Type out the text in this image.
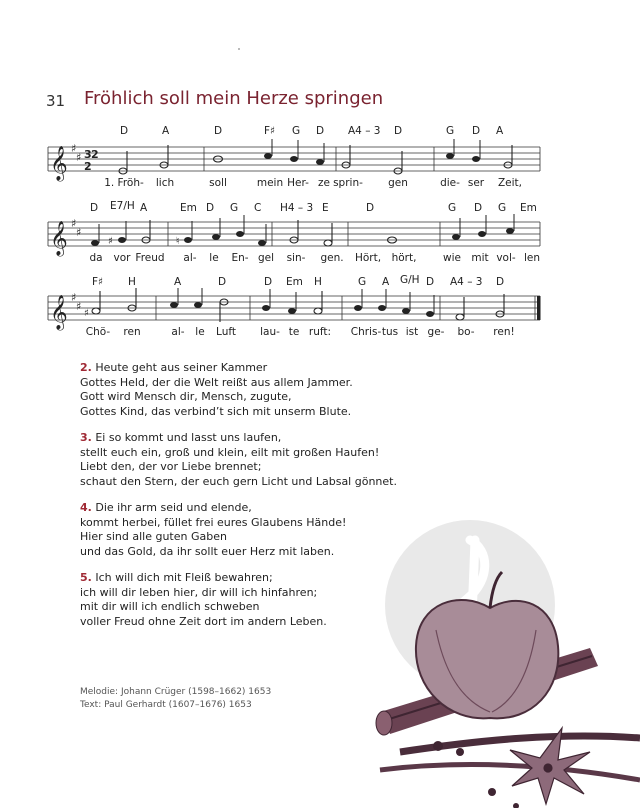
31 Fröhlich soll mein Herze springen
D	A	D	F♯ G D A4 – 3 D	G D A
𝄞 ♯
♯ 3
2
2
1. Fröh- lich	soll	mein Her- ze sprin- gen	die- ser Zeit,
D E7/H A	Em D G C H4 – 3 E	D	G D G Em
𝄞 ♯
♯
♯	♮
da vor Freud al- le En- gel sin- gen. Hört, hört,	wie mit vol- len
F♯ H	A	D	D Em H	G A G/H D A4 – 3 D
𝄞 ♯
♯
♯
Chö- ren	al- le Luft lau- te ruft: Chris- tus ist ge- bo- ren!
2. Heute geht aus seiner Kammer
Gottes Held, der die Welt reißt aus allem Jammer.
Gott wird Mensch dir, Mensch, zugute,
Gottes Kind, das verbind’t sich mit unserm Blute.
3. Ei so kommt und lasst uns laufen,
stellt euch ein, groß und klein, eilt mit großen Haufen!
Liebt den, der vor Liebe brennet;
schaut den Stern, der euch gern Licht und Labsal gönnet.
4. Die ihr arm seid und elende,
kommt herbei, füllet frei eures Glaubens Hände!
Hier sind alle guten Gaben
und das Gold, da ihr sollt euer Herz mit laben.
5. Ich will dich mit Fleiß bewahren;
ich will dir leben hier, dir will ich hinfahren;
mit dir will ich endlich schweben
voller Freud ohne Zeit dort im andern Leben.
Melodie: Johann Crüger (1598–1662) 1653
Text: Paul Gerhardt (1607–1676) 1653
